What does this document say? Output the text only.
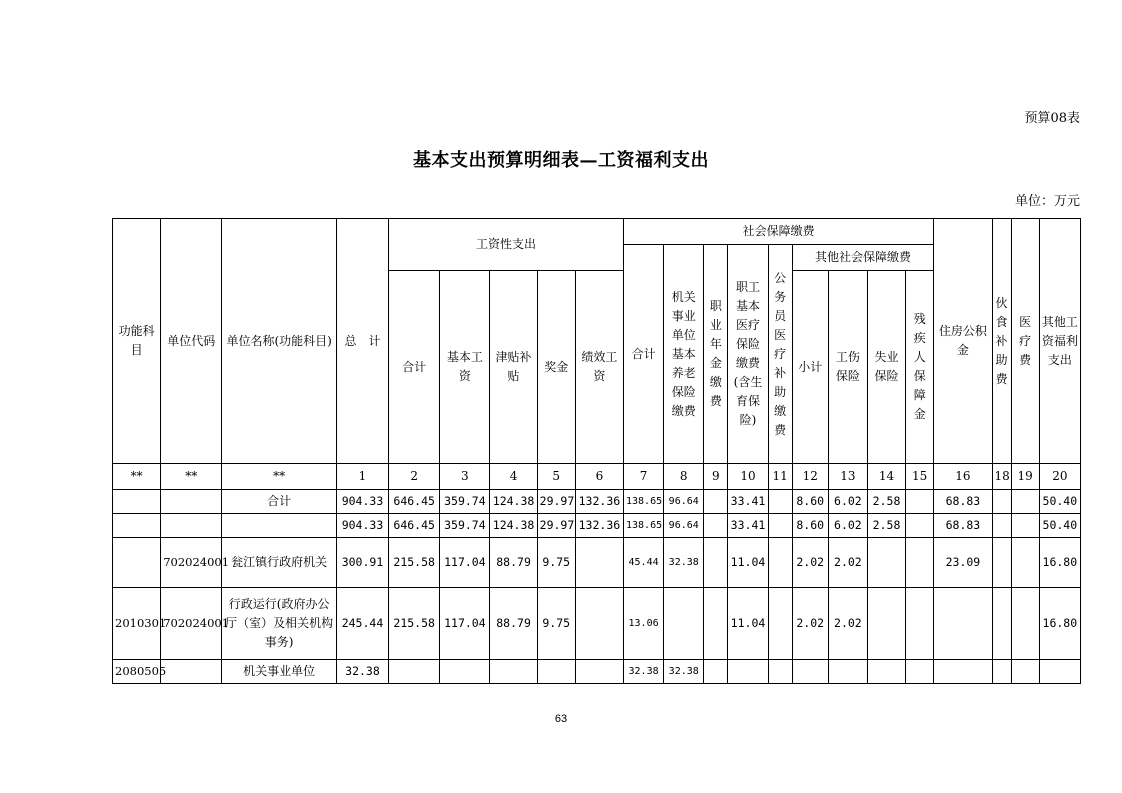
预算08表
基本支出预算明细表—工资福利支出
单位：万元
功能科目	单位代码	单位名称(功能科目)	总　计	工资性支出					社会保障缴费									住房公积金	伙食补助费	医疗费	其他工资福利支出
									合计	机关事业单位基本养老保险缴费	职业年金缴费	职工基本医疗保险缴费(含生育保险)	公务员医疗补助缴费	其他社会保障缴费							
				合计	基本工资	津贴补贴	奖金	绩效工资						小计	工伤保险	失业保险	残疾人保障金				
**	**	**	1	2	3	4	5	6	7	8	9	10	11	12	13	14	15	16	18	19	20
		合计	904.33	646.45	359.74	124.38	29.97	132.36	138.65	96.64		33.41		8.60	6.02	2.58		68.83			50.40
			904.33	646.45	359.74	124.38	29.97	132.36	138.65	96.64		33.41		8.60	6.02	2.58		68.83			50.40
	702024001	瓮江镇行政府机关	300.91	215.58	117.04	88.79	9.75		45.44	32.38		11.04		2.02	2.02			23.09			16.80
2010301	702024001	行政运行(政府办公厅（室）及相关机构事务)	245.44	215.58	117.04	88.79	9.75		13.06			11.04		2.02	2.02						16.80
2080505		机关事业单位	32.38						32.38	32.38											
63
